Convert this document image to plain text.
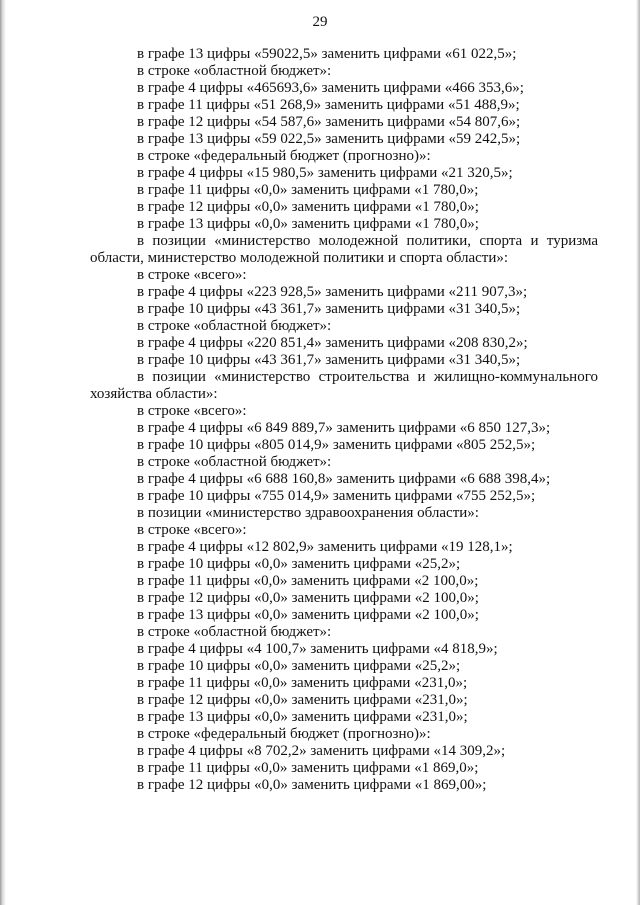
29
в графе 13 цифры «59022,5» заменить цифрами «61 022,5»;
в строке «областной бюджет»:
в графе 4 цифры «465693,6» заменить цифрами «466 353,6»;
в графе 11 цифры «51 268,9» заменить цифрами «51 488,9»;
в графе 12 цифры «54 587,6» заменить цифрами «54 807,6»;
в графе 13 цифры «59 022,5» заменить цифрами «59 242,5»;
в строке «федеральный бюджет (прогнозно)»:
в графе 4 цифры «15 980,5» заменить цифрами «21 320,5»;
в графе 11 цифры «0,0» заменить цифрами «1 780,0»;
в графе 12 цифры «0,0» заменить цифрами «1 780,0»;
в графе 13 цифры «0,0» заменить цифрами «1 780,0»;
в позиции «министерство молодежной политики, спорта и туризма
области, министерство молодежной политики и спорта области»:
в строке «всего»:
в графе 4 цифры «223 928,5» заменить цифрами «211 907,3»;
в графе 10 цифры «43 361,7» заменить цифрами «31 340,5»;
в строке «областной бюджет»:
в графе 4 цифры «220 851,4» заменить цифрами «208 830,2»;
в графе 10 цифры «43 361,7» заменить цифрами «31 340,5»;
в позиции «министерство строительства и жилищно-коммунального
хозяйства области»:
в строке «всего»:
в графе 4 цифры «6 849 889,7» заменить цифрами «6 850 127,3»;
в графе 10 цифры «805 014,9» заменить цифрами «805 252,5»;
в строке «областной бюджет»:
в графе 4 цифры «6 688 160,8» заменить цифрами «6 688 398,4»;
в графе 10 цифры «755 014,9» заменить цифрами «755 252,5»;
в позиции «министерство здравоохранения области»:
в строке «всего»:
в графе 4 цифры «12 802,9» заменить цифрами «19 128,1»;
в графе 10 цифры «0,0» заменить цифрами «25,2»;
в графе 11 цифры «0,0» заменить цифрами «2 100,0»;
в графе 12 цифры «0,0» заменить цифрами «2 100,0»;
в графе 13 цифры «0,0» заменить цифрами «2 100,0»;
в строке «областной бюджет»:
в графе 4 цифры «4 100,7» заменить цифрами «4 818,9»;
в графе 10 цифры «0,0» заменить цифрами «25,2»;
в графе 11 цифры «0,0» заменить цифрами «231,0»;
в графе 12 цифры «0,0» заменить цифрами «231,0»;
в графе 13 цифры «0,0» заменить цифрами «231,0»;
в строке «федеральный бюджет (прогнозно)»:
в графе 4 цифры «8 702,2» заменить цифрами «14 309,2»;
в графе 11 цифры «0,0» заменить цифрами «1 869,0»;
в графе 12 цифры «0,0» заменить цифрами «1 869,00»;
